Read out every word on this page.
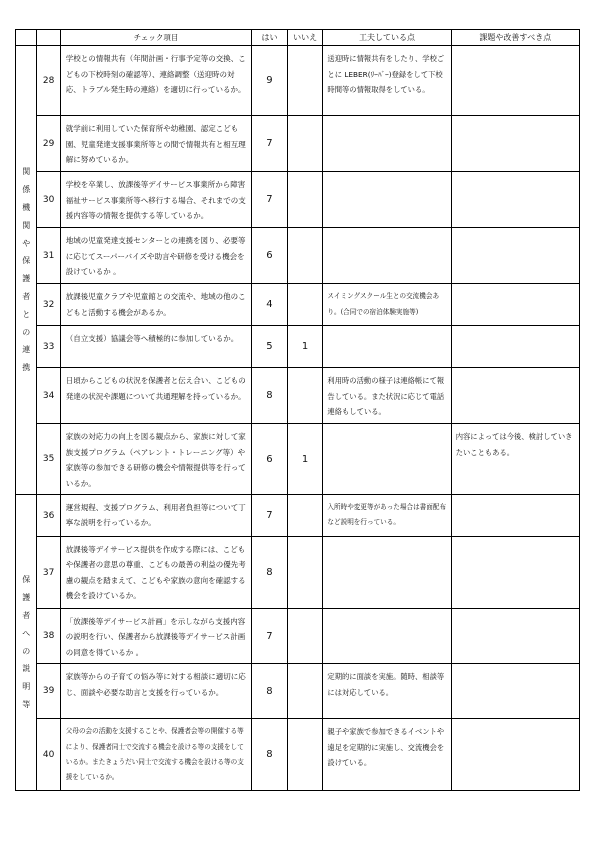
		チェック項目	はい	いいえ	工夫している点	課題や改善すべき点
関係機関や保護者との連携	28	学校との情報共有（年間計画・行事予定等の交換、こどもの下校時刻の確認等）、連絡調整（送迎時の対応、トラブル発生時の連絡）を適切に行っているか。	9		送迎時に情報共有をしたり、学校ごとに LEBER(ﾘｰﾊﾞｰ)登録をして下校時間等の情報取得をしている。	
	29	就学前に利用していた保育所や幼稚園、認定こども園、児童発達支援事業所等との間で情報共有と相互理解に努めているか。	7			
	30	学校を卒業し、放課後等デイサービス事業所から障害福祉サービス事業所等へ移行する場合、それまでの支援内容等の情報を提供する等しているか。	7			
	31	地域の児童発達支援センターとの連携を図り、必要等に応じてスーパーバイズや助言や研修を受ける機会を設けているか 。	6			
	32	放課後児童クラブや児童館との交流や、地域の他のこどもと活動する機会があるか。	4		スイミングスクール生との交流機会あり。(合同での宿泊体験実施等)	
	33	（自立支援）協議会等へ積極的に参加しているか。	5	1		
	34	日頃からこどもの状況を保護者と伝え合い、こどもの発達の状況や課題について共通理解を持っているか。	8		利用時の活動の様子は連絡帳にて報告している。また状況に応じて電話連絡もしている。	
	35	家族の対応力の向上を図る観点から、家族に対して家族支援プログラム（ペアレント・トレーニング等）や家族等の参加できる研修の機会や情報提供等を行っているか。	6	1		内容によっては今後、検討していきたいこともある。
保護者への説明等	36	運営規程、支援プログラム、利用者負担等について丁寧な説明を行っているか。	7		入所時や変更等があった場合は書面配布など説明を行っている。	
	37	放課後等デイサービス提供を作成する際には、こどもや保護者の意思の尊重、こどもの最善の利益の優先考慮の観点を踏まえて、こどもや家族の意向を確認する機会を設けているか。	8			
	38	「放課後等デイサービス計画」を示しながら支援内容の説明を行い、保護者から放課後等デイサービス計画の同意を得ているか 。	7			
	39	家族等からの子育ての悩み等に対する相談に適切に応じ、面談や必要な助言と支援を行っているか。	8		定期的に面談を実施。随時、相談等には対応している。	
	40	父母の会の活動を支援することや、保護者会等の開催する等により、保護者同士で交流する機会を設ける等の支援をしているか。またきょうだい同士で交流する機会を設ける等の支援をしているか。	8		親子や家族で参加できるイベントや遠足を定期的に実施し、交流機会を設けている。	
